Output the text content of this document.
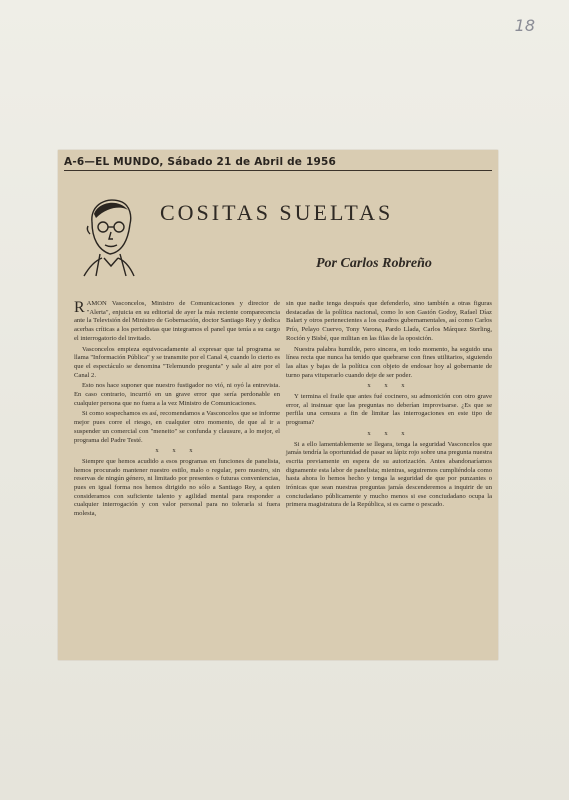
18
A-6—EL MUNDO, Sábado 21 de Abril de 1956
COSITAS SUELTAS
Por Carlos Robreño

RAMON Vasconcelos, Ministro de Comunicaciones y director de "Alerta", enjuicia en su editorial de ayer la más reciente comparecencia ante la Televisión del Ministro de Gobernación, doctor Santiago Rey y dedica acerbas críticas a los periodistas que integramos el panel que tenía a su cargo el interrogatorio del invitado.

Vasconcelos empieza equivocadamente al expresar que tal programa se llama "Información Pública" y se transmite por el Canal 4, cuando lo cierto es que el espectáculo se denomina "Telemundo pregunta" y sale al aire por el Canal 2.

Esto nos hace suponer que nuestro fustigador no vió, ni oyó la entrevista. En caso contrario, incurrió en un grave error que sería perdonable en cualquier persona que no fuera a la vez Ministro de Comunicaciones.

Si como sospechamos es así, recomendamos a Vasconcelos que se informe mejor pues corre el riesgo, en cualquier otro momento, de que al ir a suspender un comercial con "meneito" se confunda y clausure, a lo mejor, el programa del Padre Testé.

x x x

Siempre que hemos acudido a esos programas en funciones de panelista, hemos procurado mantener nuestro estilo, malo o regular, pero nuestro, sin reservas de ningún género, ni limitado por presentes o futuras conveniencias, pues en igual forma nos hemos dirigido no sólo a Santiago Rey, a quien consideramos con suficiente talento y agilidad mental para responder a cualquier interrogación y con valor personal para no tolerarla si fuera molesta,

sin que nadie tenga después que defenderlo, sino también a otras figuras destacadas de la política nacional, como lo son Gastón Godoy, Rafael Díaz Balart y otros pertenecientes a los cuadros gubernamentales, así como Carlos Prío, Pelayo Cuervo, Tony Varona, Pardo Llada, Carlos Márquez Sterling, Roción y Bisbé, que militan en las filas de la oposición.

Nuestra palabra humilde, pero sincera, en todo momento, ha seguido una línea recta que nunca ha tenido que quebrarse con fines utilitarios, siguiendo las altas y bajas de la política con objeto de endosar hoy al gobernante de turno para vituperarlo cuando deje de ser poder.

x x x

Y termina el fraile que antes fué cocinero, su admonición con otro grave error, al insinuar que las preguntas no deberían improvisarse. ¿Es que se perfila una censura a fin de limitar las interrogaciones en este tipo de programa?

x x x

Si a ello lamentablemente se llegara, tenga la seguridad Vasconcelos que jamás tendría la oportunidad de pasar su lápiz rojo sobre una pregunta nuestra escrita previamente en espera de su autorización. Antes abandonaríamos dignamente esta labor de panelista; mientras, seguiremos cumpliéndola como hasta ahora lo hemos hecho y tenga la seguridad de que por punzantes o irónicas que sean nuestras preguntas jamás descenderemos a inquirir de un conciudadano públicamente y mucho menos si ese conciudadano ocupa la primera magistratura de la República, si es carne o pescado.
